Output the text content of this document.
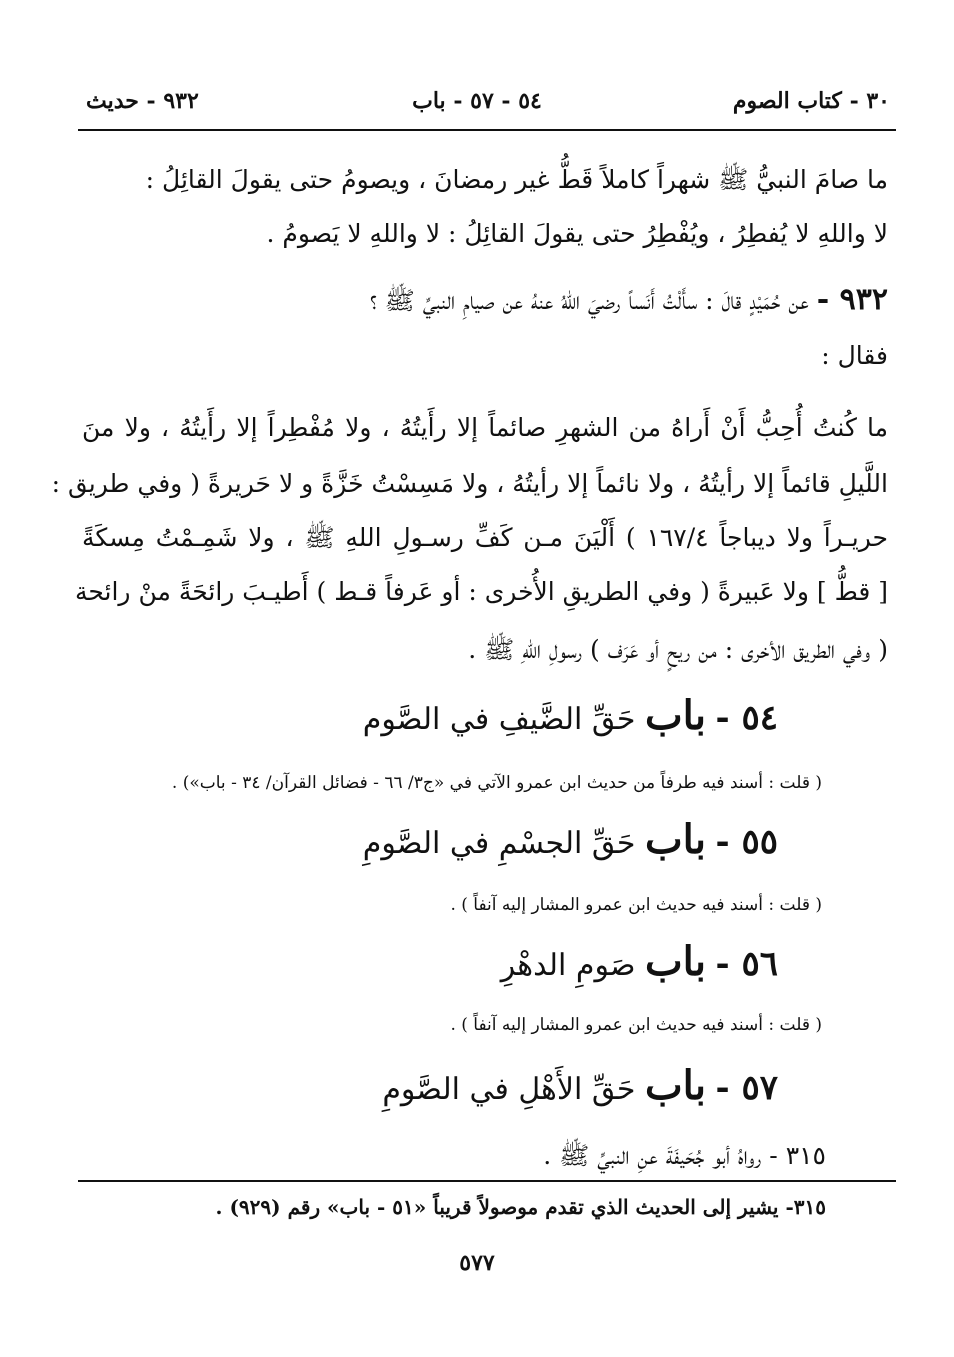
٣٠ - كتاب الصوم
٥٤ - ٥٧ - باب
٩٣٢ - حديث
ما صامَ النبيُّ ﷺ شهراً كاملاً قَطُّ غير رمضانَ ، ويصومُ حتى يقولَ القائِلُ :
لا واللهِ لا يُفطِرُ ، ويُفْطِرُ حتى يقولَ القائِلُ : لا واللهِ لا يَصومُ .
٩٣٢ - عن حُمَيْدٍ قالَ : سأَلْتُ أَنَساً رضيَ اللهُ عنهُ عن صيامِ النبيِّ ﷺ ؟
فقال :
ما كُنتُ أُحِبُّ أَنْ أَراهُ من الشهرِ صائماً إلا رأَيتُهُ ، ولا مُفْطِراً إلا رأَيتُهُ ، ولا منَ
اللَّيلِ قائماً إلا رأيتُهُ ، ولا نائماً إلا رأيتُهُ ، ولا مَسِسْتُ خَزَّةً و لا حَريرةً ( وفي طريق :
حريـراً ولا ديباجاً ١٦٧/٤ ) أَلْيَنَ مـن كَفِّ رسـولِ اللهِ ﷺ ، ولا شَمِـمْتُ مِسكَةً
[ قطُّ ] ولا عَبيرةً ( وفي الطريقِ الأُخرى : أو عَرفاً قـط ) أَطيـبَ رائحَةً منْ رائحة
( وفي الطريق الأخرى : من ريحٍ أو عَرَف ) رسولِ اللهِ ﷺ .
٥٤ - باب حَقِّ الضَّيفِ في الصَّوم
( قلت : أسند فيه طرفاً من حديث ابن عمرو الآتي في «ج٣/ ٦٦ - فضائل القرآن/ ٣٤ - باب») .
٥٥ - باب حَقِّ الجسْمِ في الصَّومِ
( قلت : أسند فيه حديث ابن عمرو المشار إليه آنفاً ) .
٥٦ - باب صَومِ الدهْرِ
( قلت : أسند فيه حديث ابن عمرو المشار إليه آنفاً ) .
٥٧ - باب حَقِّ الأَهْلِ في الصَّومِ
٣١٥ - رواهُ أبو جُحَيفَةَ عنِ النبيِّ ﷺ .
٣١٥- يشير إلى الحديث الذي تقدم موصولاً قريباً «٥١ - باب» رقم (٩٢٩) .
٥٧٧
